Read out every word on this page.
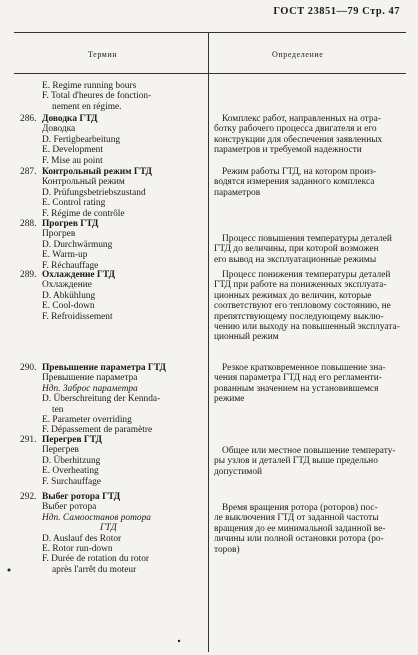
ГОСТ 23851—79 Стр. 47
Термин	Определение
E. Regime running bours
F. Total d'heures de fonction-
nement en régime.
286. Доводка ГТД
Доводка
D. Fertigbearbeitung
E. Development
F. Mise au point
Комплекс работ, направленных на отра-
ботку рабочего процесса двигателя и его
конструкции для обеспечения заявленных
параметров и требуемой надежности
287. Контрольный режим ГТД
Контрольный режим
D. Prüfungsbetriebszustand
E. Control rating
F. Régime de contrôle
Режим работы ГТД, на котором произ-
водятся измерения заданного комплекса
параметров
288. Прогрев ГТД
Прогрев
D. Durchwärmung
E. Warm-up
F. Réchauffage
Процесс повышения температуры деталей
ГТД до величины, при которой возможен
его вывод на эксплуатационные режимы
289. Охлаждение ГТД
Охлаждение
D. Abkühlung
E. Cool-down
F. Refroidissement
Процесс понижения температуры деталей
ГТД при работе на пониженных эксплуата-
ционных режимах до величин, которые
соответствуют его тепловому состоянию, не
препятствующему последующему выклю-
чению или выходу на повышенный эксплуата-
ционный режим
290. Превышение параметра ГТД
Превышение параметра
Ндп. Заброс параметра
D. Überschreitung der Kennda-
ten
E. Parameter overriding
F. Dépassement de paramètre
Резкое кратковременное повышение зна-
чения параметра ГТД над его регламенти-
рованным значением на установившемся
режиме
291. Перегрев ГТД
Перегрев
D. Überhitzung
E. Overheating
F. Surchauffage
Общее или местное повышение температу-
ры узлов и деталей ГТД выше предельно
допустимой
292. Выбег ротора ГТД
Выбег ротора
Ндп. Самоостанов ротора
ГТД
D. Auslauf des Rotor
E. Rotor run-down
F. Durée de rotation du rotor
après l'arrêt du moteur
Время вращения ротора (роторов) пос-
ле выключения ГТД от заданной частоты
вращения до ее минимальной заданной ве-
личины или полной остановки ротора (ро-
торов)
